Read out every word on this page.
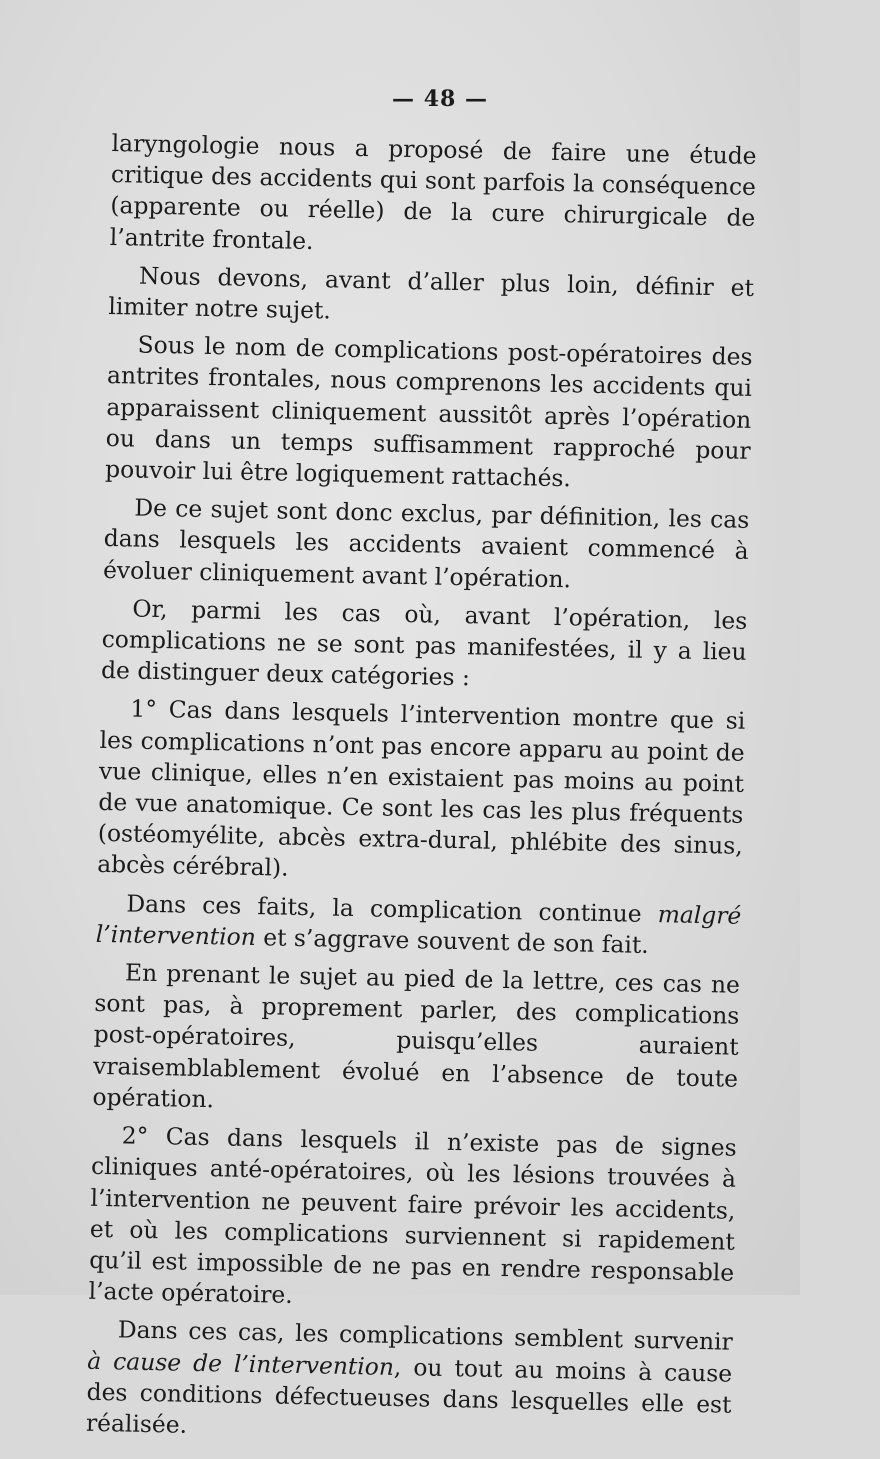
— 48 —

laryngologie nous a proposé de faire une étude critique des accidents qui sont parfois la conséquence (apparente ou réelle) de la cure chirurgicale de l’antrite frontale.

Nous devons, avant d’aller plus loin, définir et limiter notre sujet.

Sous le nom de complications post-opératoires des antrites frontales, nous comprenons les accidents qui apparaissent cliniquement aussitôt après l’opération ou dans un temps suffisamment rapproché pour pouvoir lui être logiquement rattachés.

De ce sujet sont donc exclus, par définition, les cas dans lesquels les accidents avaient commencé à évoluer cliniquement avant l’opération.

Or, parmi les cas où, avant l’opération, les complications ne se sont pas manifestées, il y a lieu de distinguer deux catégories :

1° Cas dans lesquels l’intervention montre que si les complications n’ont pas encore apparu au point de vue clinique, elles n’en existaient pas moins au point de vue anatomique. Ce sont les cas les plus fréquents (ostéomyélite, abcès extra-dural, phlébite des sinus, abcès cérébral).

Dans ces faits, la complication continue malgré l’intervention et s’aggrave souvent de son fait.

En prenant le sujet au pied de la lettre, ces cas ne sont pas, à proprement parler, des complications post-opératoires, puisqu’elles auraient vraisemblablement évolué en l’absence de toute opération.

2° Cas dans lesquels il n’existe pas de signes cliniques anté-opératoires, où les lésions trouvées à l’intervention ne peuvent faire prévoir les accidents, et où les complications surviennent si rapidement qu’il est impossible de ne pas en rendre responsable l’acte opératoire.

Dans ces cas, les complications semblent survenir à cause de l’intervention, ou tout au moins à cause des conditions défectueuses dans lesquelles elle est réalisée.
